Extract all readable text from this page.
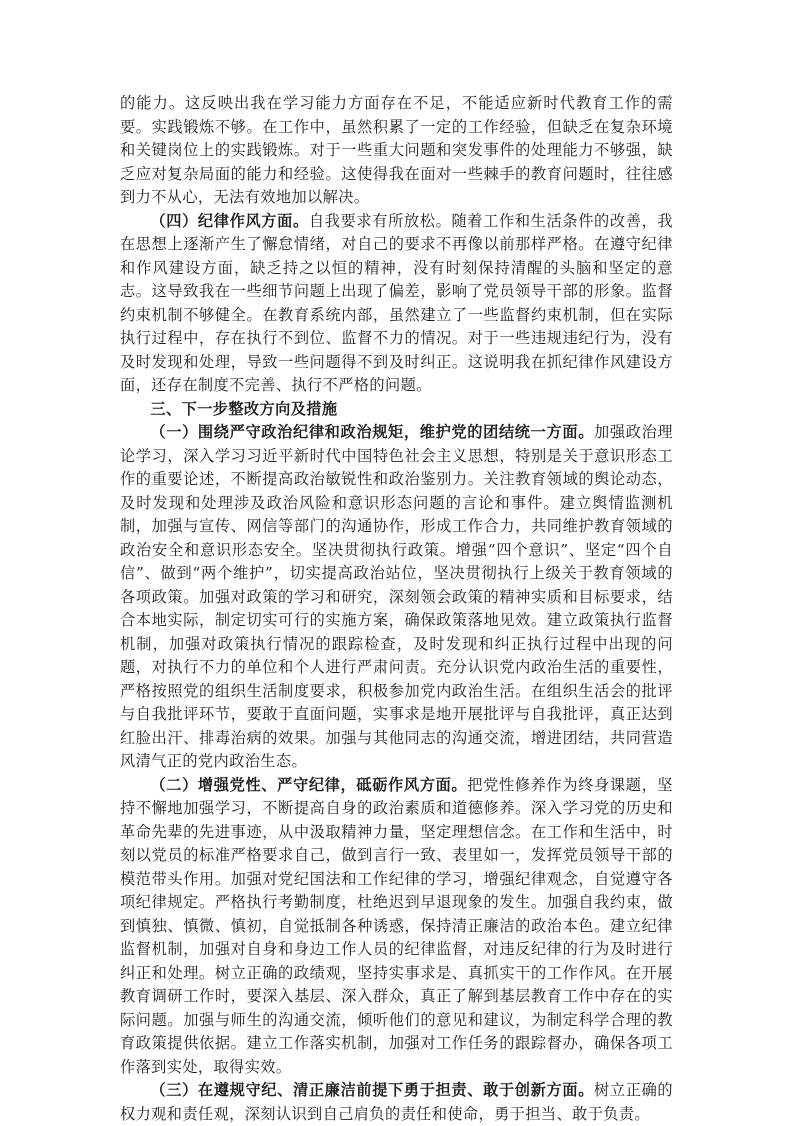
的能力。这反映出我在学习能力方面存在不足，不能适应新时代教育工作的需要。实践锻炼不够。在工作中，虽然积累了一定的工作经验，但缺乏在复杂环境和关键岗位上的实践锻炼。对于一些重大问题和突发事件的处理能力不够强，缺乏应对复杂局面的能力和经验。这使得我在面对一些棘手的教育问题时，往往感到力不从心，无法有效地加以解决。

（四）纪律作风方面。自我要求有所放松。随着工作和生活条件的改善，我在思想上逐渐产生了懈怠情绪，对自己的要求不再像以前那样严格。在遵守纪律和作风建设方面，缺乏持之以恒的精神，没有时刻保持清醒的头脑和坚定的意志。这导致我在一些细节问题上出现了偏差，影响了党员领导干部的形象。监督约束机制不够健全。在教育系统内部，虽然建立了一些监督约束机制，但在实际执行过程中，存在执行不到位、监督不力的情况。对于一些违规违纪行为，没有及时发现和处理，导致一些问题得不到及时纠正。这说明我在抓纪律作风建设方面，还存在制度不完善、执行不严格的问题。

三、下一步整改方向及措施

（一）围绕严守政治纪律和政治规矩，维护党的团结统一方面。加强政治理论学习，深入学习习近平新时代中国特色社会主义思想，特别是关于意识形态工作的重要论述，不断提高政治敏锐性和政治鉴别力。关注教育领域的舆论动态，及时发现和处理涉及政治风险和意识形态问题的言论和事件。建立舆情监测机制，加强与宣传、网信等部门的沟通协作，形成工作合力，共同维护教育领域的政治安全和意识形态安全。坚决贯彻执行政策。增强“四个意识”、坚定“四个自信”、做到“两个维护”，切实提高政治站位，坚决贯彻执行上级关于教育领域的各项政策。加强对政策的学习和研究，深刻领会政策的精神实质和目标要求，结合本地实际，制定切实可行的实施方案，确保政策落地见效。建立政策执行监督机制，加强对政策执行情况的跟踪检查，及时发现和纠正执行过程中出现的问题，对执行不力的单位和个人进行严肃问责。充分认识党内政治生活的重要性，严格按照党的组织生活制度要求，积极参加党内政治生活。在组织生活会的批评与自我批评环节，要敢于直面问题，实事求是地开展批评与自我批评，真正达到红脸出汗、排毒治病的效果。加强与其他同志的沟通交流，增进团结，共同营造风清气正的党内政治生态。

（二）增强党性、严守纪律，砥砺作风方面。把党性修养作为终身课题，坚持不懈地加强学习，不断提高自身的政治素质和道德修养。深入学习党的历史和革命先辈的先进事迹，从中汲取精神力量，坚定理想信念。在工作和生活中，时刻以党员的标准严格要求自己，做到言行一致、表里如一，发挥党员领导干部的模范带头作用。加强对党纪国法和工作纪律的学习，增强纪律观念，自觉遵守各项纪律规定。严格执行考勤制度，杜绝迟到早退现象的发生。加强自我约束，做到慎独、慎微、慎初，自觉抵制各种诱惑，保持清正廉洁的政治本色。建立纪律监督机制，加强对自身和身边工作人员的纪律监督，对违反纪律的行为及时进行纠正和处理。树立正确的政绩观，坚持实事求是、真抓实干的工作作风。在开展教育调研工作时，要深入基层、深入群众，真正了解到基层教育工作中存在的实际问题。加强与师生的沟通交流，倾听他们的意见和建议，为制定科学合理的教育政策提供依据。建立工作落实机制，加强对工作任务的跟踪督办，确保各项工作落到实处，取得实效。

（三）在遵规守纪、清正廉洁前提下勇于担责、敢于创新方面。树立正确的权力观和责任观，深刻认识到自己肩负的责任和使命，勇于担当、敢于负责。
